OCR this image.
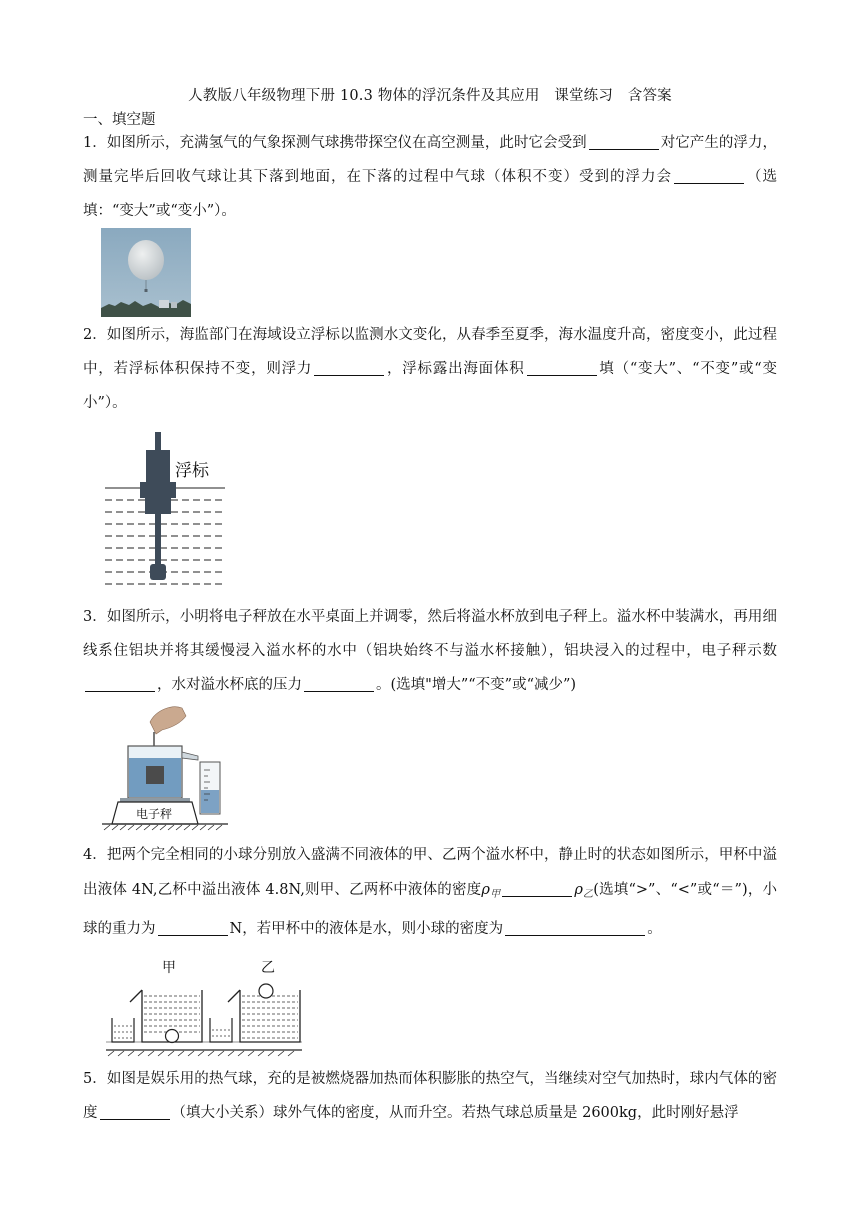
人教版八年级物理下册 10.3 物体的浮沉条件及其应用　课堂练习　含答案
一、填空题
1．如图所示，充满氢气的气象探测气球携带探空仪在高空测量，此时它会受到	对它产生的浮力，测量完毕后回收气球让其下落到地面，在下落的过程中气球（体积不变）受到的浮力会	（选填：“变大”或“变小”）。
2．如图所示，海监部门在海域设立浮标以监测水文变化，从春季至夏季，海水温度升高，密度变小，此过程中，若浮标体积保持不变，则浮力	，浮标露出海面体积	填（“变大”、“不变”或“变小”）。
浮标
3．如图所示，小明将电子秤放在水平桌面上并调零，然后将溢水杯放到电子秤上。溢水杯中装满水，再用细线系住铝块并将其缓慢浸入溢水杯的水中（铝块始终不与溢水杯接触），铝块浸入的过程中，电子秤示数，水对溢水杯底的压力	。(选填"增大”“不变”或“减少”)
电子秤
4．把两个完全相同的小球分别放入盛满不同液体的甲、乙两个溢水杯中，静止时的状态如图所示，甲杯中溢出液体 4N,乙杯中溢出液体 4.8N,则甲、乙两杯中液体的密度$\rho_甲$	$\rho_乙$(选填“>”、“<”或“＝”)，小球的重力为	N，若甲杯中的液体是水，则小球的密度为	。
甲	乙
5．如图是娱乐用的热气球，充的是被燃烧器加热而体积膨胀的热空气，当继续对空气加热时，球内气体的密度	（填大小关系）球外气体的密度，从而升空。若热气球总质量是 2600kg，此时刚好悬浮
